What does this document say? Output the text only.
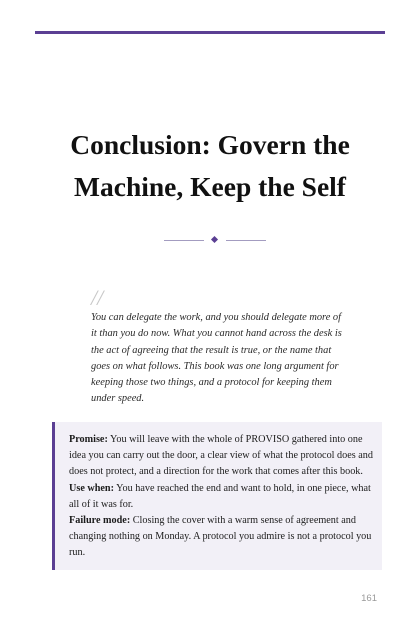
Conclusion: Govern the Machine, Keep the Self
//

You can delegate the work, and you should delegate more of it than you do now. What you cannot hand across the desk is the act of agreeing that the result is true, or the name that goes on what follows. This book was one long argument for keeping those two things, and a protocol for keeping them under speed.

Promise: You will leave with the whole of PROVISO gathered into one idea you can carry out the door, a clear view of what the protocol does and does not protect, and a direction for the work that comes after this book.

Use when: You have reached the end and want to hold, in one piece, what all of it was for.

Failure mode: Closing the cover with a warm sense of agreement and changing nothing on Monday. A protocol you admire is not a protocol you run.

161
